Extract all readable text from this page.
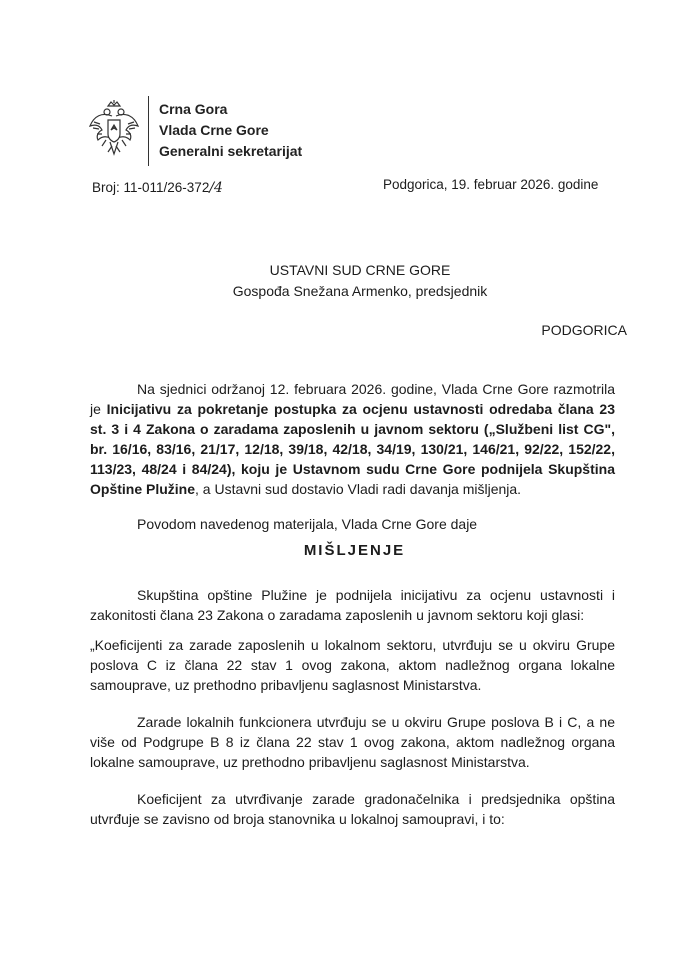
Crna Gora
Vlada Crne Gore
Generalni sekretarijat
Broj: 11-011/26-372/4	Podgorica, 19. februar 2026. godine
USTAVNI SUD CRNE GORE
Gospođa Snežana Armenko, predsjednik
PODGORICA
Na sjednici održanoj 12. februara 2026. godine, Vlada Crne Gore razmotrila je Inicijativu za pokretanje postupka za ocjenu ustavnosti odredaba člana 23 st. 3 i 4 Zakona o zaradama zaposlenih u javnom sektoru („Službeni list CG", br. 16/16, 83/16, 21/17, 12/18, 39/18, 42/18, 34/19, 130/21, 146/21, 92/22, 152/22, 113/23, 48/24 i 84/24), koju je Ustavnom sudu Crne Gore podnijela Skupština Opštine Plužine, a Ustavni sud dostavio Vladi radi davanja mišljenja.
Povodom navedenog materijala, Vlada Crne Gore daje
MIŠLJENJE
Skupština opštine Plužine je podnijela inicijativu za ocjenu ustavnosti i zakonitosti člana 23 Zakona o zaradama zaposlenih u javnom sektoru koji glasi:
„Koeficijenti za zarade zaposlenih u lokalnom sektoru, utvrđuju se u okviru Grupe poslova C iz člana 22 stav 1 ovog zakona, aktom nadležnog organa lokalne samouprave, uz prethodno pribavljenu saglasnost Ministarstva.
Zarade lokalnih funkcionera utvrđuju se u okviru Grupe poslova B i C, a ne više od Podgrupe B 8 iz člana 22 stav 1 ovog zakona, aktom nadležnog organa lokalne samouprave, uz prethodno pribavljenu saglasnost Ministarstva.
Koeficijent za utvrđivanje zarade gradonačelnika i predsjednika opština utvrđuje se zavisno od broja stanovnika u lokalnoj samoupravi, i to:
